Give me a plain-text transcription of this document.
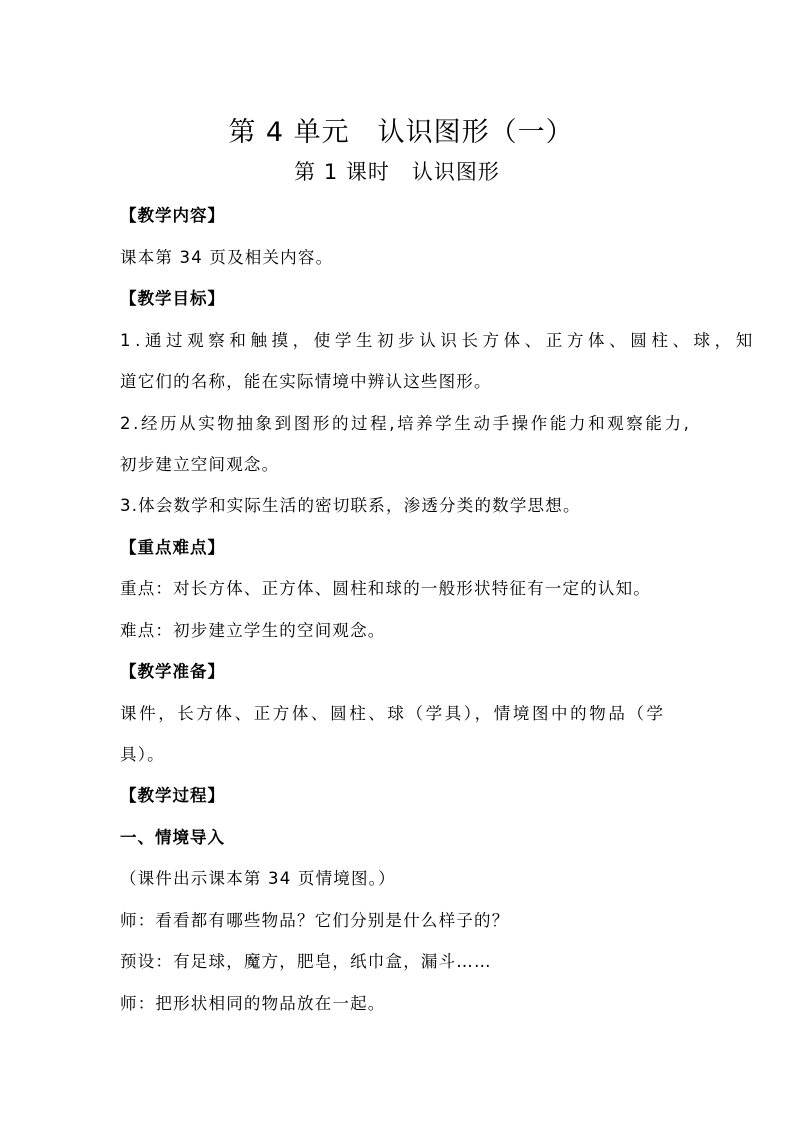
第 4 单元　认识图形（一）
第 1 课时　认识图形
【教学内容】
课本第 34 页及相关内容。
【教学目标】
1.通过观察和触摸，使学生初步认识长方体、正方体、圆柱、球，知
道它们的名称，能在实际情境中辨认这些图形。
2.经历从实物抽象到图形的过程,培养学生动手操作能力和观察能力,
初步建立空间观念。
3.体会数学和实际生活的密切联系，渗透分类的数学思想。
【重点难点】
重点：对长方体、正方体、圆柱和球的一般形状特征有一定的认知。
难点：初步建立学生的空间观念。
【教学准备】
课件，长方体、正方体、圆柱、球（学具），情境图中的物品（学
具）。
【教学过程】
一、情境导入
（课件出示课本第 34 页情境图。）
师：看看都有哪些物品？它们分别是什么样子的？
预设：有足球，魔方，肥皂，纸巾盒，漏斗……
师：把形状相同的物品放在一起。
